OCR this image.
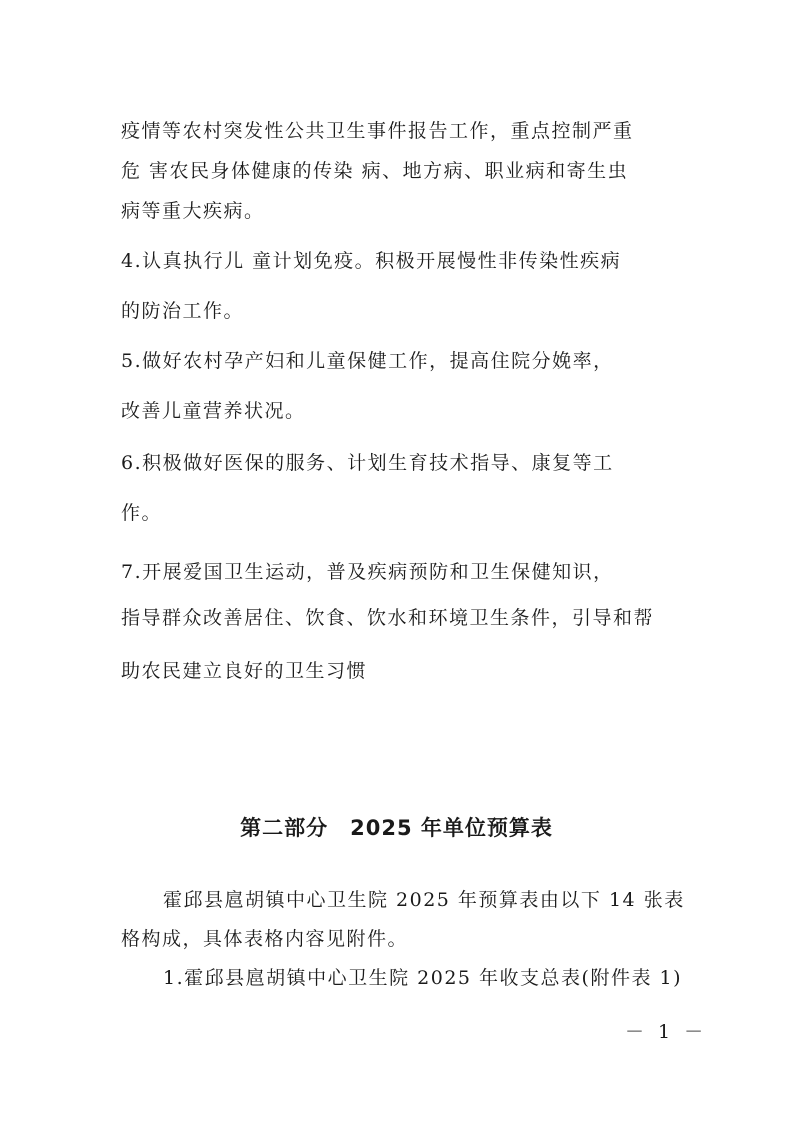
疫情等农村突发性公共卫生事件报告工作，重点控制严重
危 害农民身体健康的传染 病、地方病、职业病和寄生虫
病等重大疾病。
4.认真执行儿 童计划免疫。积极开展慢性非传染性疾病
的防治工作。
5.做好农村孕产妇和儿童保健工作，提高住院分娩率，
改善儿童营养状况。
6.积极做好医保的服务、计划生育技术指导、康复等工
作。
7.开展爱国卫生运动，普及疾病预防和卫生保健知识，
指导群众改善居住、饮食、饮水和环境卫生条件，引导和帮
助农民建立良好的卫生习惯
第二部分 2025 年单位预算表
霍邱县扈胡镇中心卫生院 2025 年预算表由以下 14 张表
格构成，具体表格内容见附件。
1.霍邱县扈胡镇中心卫生院 2025 年收支总表(附件表 1)
－ 1 －
